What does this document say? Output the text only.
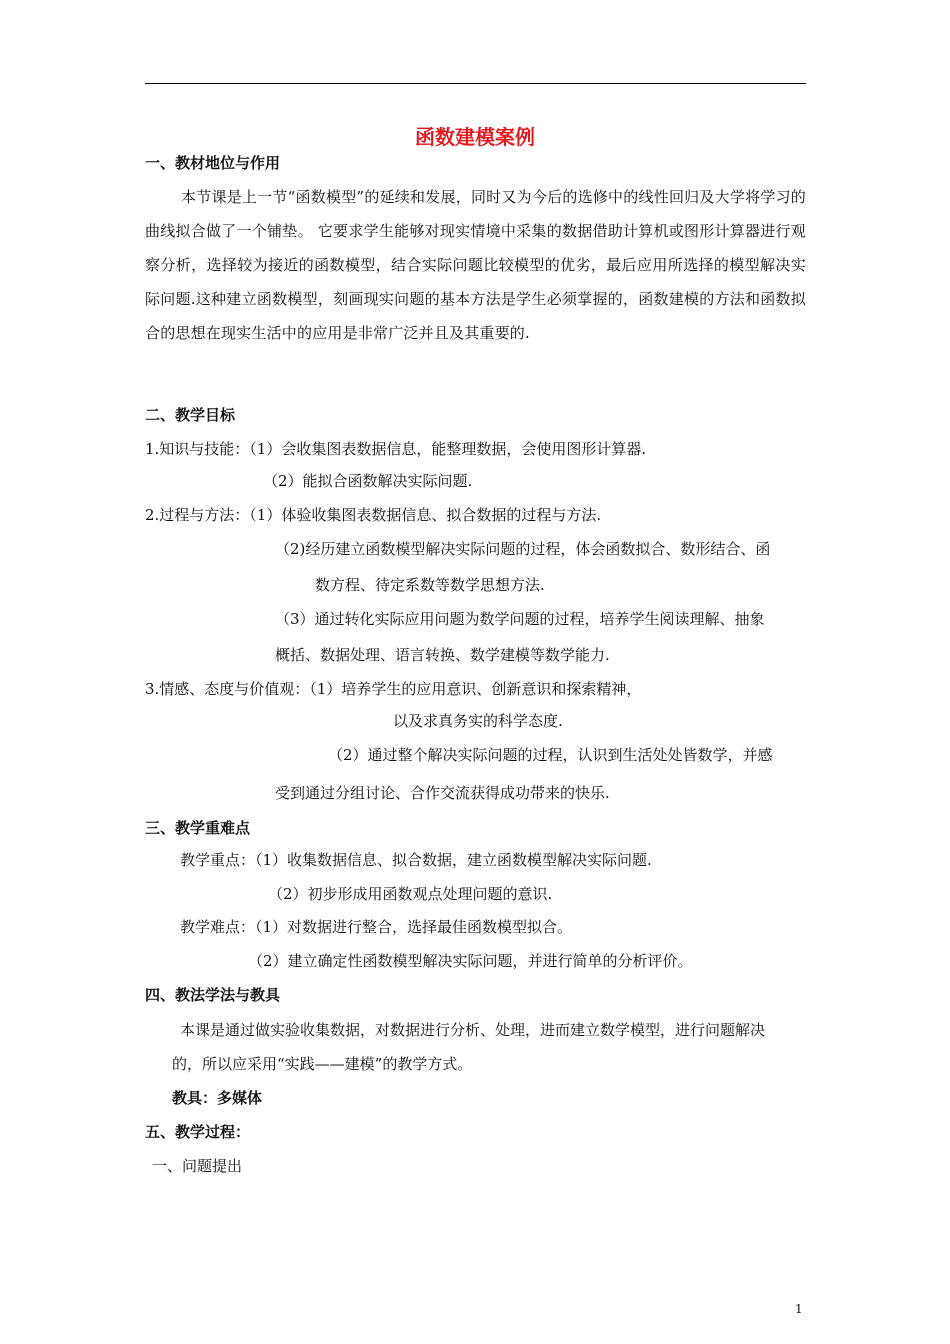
函数建模案例
一、教材地位与作用
本节课是上一节“函数模型”的延续和发展，同时又为今后的选修中的线性回归及大学将学习的曲线拟合做了一个铺垫。 它要求学生能够对现实情境中采集的数据借助计算机或图形计算器进行观察分析，选择较为接近的函数模型，结合实际问题比较模型的优劣，最后应用所选择的模型解决实际问题.这种建立函数模型，刻画现实问题的基本方法是学生必须掌握的，函数建模的方法和函数拟合的思想在现实生活中的应用是非常广泛并且及其重要的.
二、教学目标
1.知识与技能：（1）会收集图表数据信息，能整理数据，会使用图形计算器.
（2）能拟合函数解决实际问题.
2.过程与方法：（1）体验收集图表数据信息、拟合数据的过程与方法.
（2)经历建立函数模型解决实际问题的过程，体会函数拟合、数形结合、函
数方程、待定系数等数学思想方法.
（3）通过转化实际应用问题为数学问题的过程，培养学生阅读理解、抽象
概括、数据处理、语言转换、数学建模等数学能力.
3.情感、态度与价值观：（1）培养学生的应用意识、创新意识和探索精神，
以及求真务实的科学态度.
（2）通过整个解决实际问题的过程，认识到生活处处皆数学，并感
受到通过分组讨论、合作交流获得成功带来的快乐.
三、教学重难点
教学重点：（1）收集数据信息、拟合数据，建立函数模型解决实际问题.
（2）初步形成用函数观点处理问题的意识.
教学难点：（1）对数据进行整合，选择最佳函数模型拟合。
（2）建立确定性函数模型解决实际问题，并进行简单的分析评价。
四、教法学法与教具
本课是通过做实验收集数据，对数据进行分析、处理，进而建立数学模型，进行问题解决
的，所以应采用“实践——建模”的教学方式。
教具：多媒体
五、教学过程：
一、问题提出
1
